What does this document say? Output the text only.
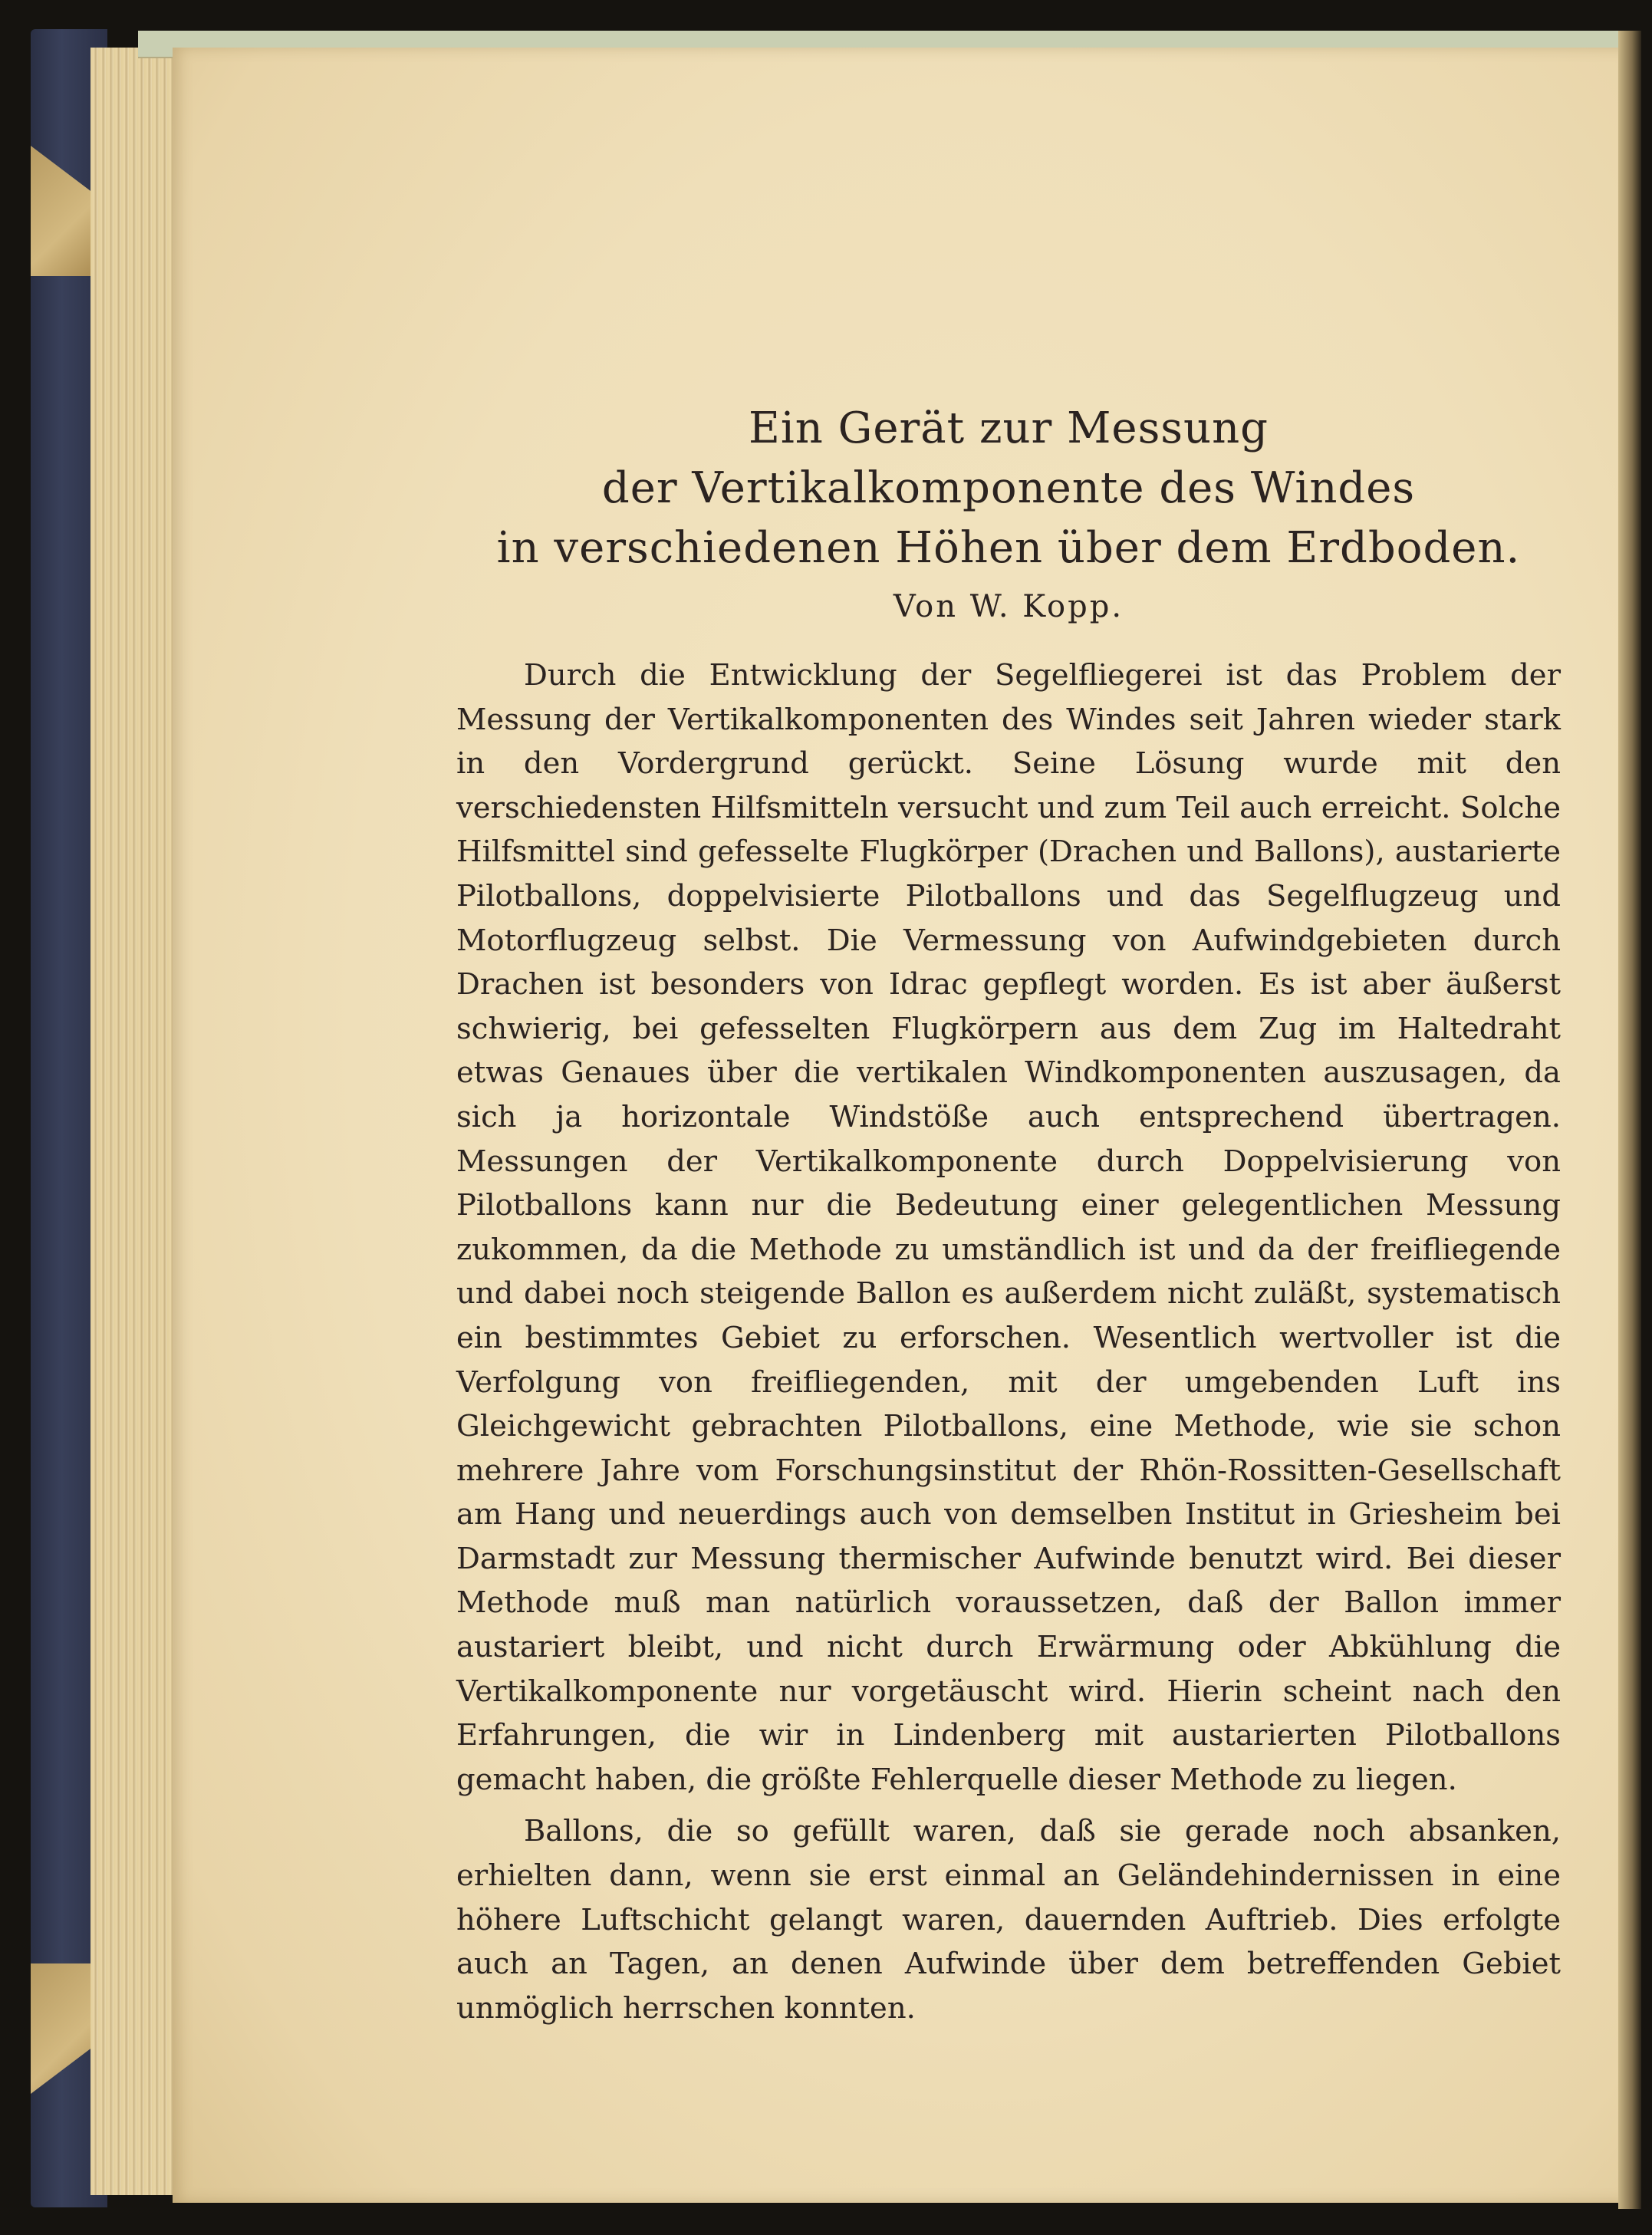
Ein Gerät zur Messung
der Vertikalkomponente des Windes
in verschiedenen Höhen über dem Erdboden.
Von W. Kopp.

Durch die Entwicklung der Segelfliegerei ist das Problem der Messung der Vertikalkomponenten des Windes seit Jahren wieder stark in den Vordergrund gerückt. Seine Lösung wurde mit den verschiedensten Hilfsmitteln versucht und zum Teil auch erreicht. Solche Hilfsmittel sind gefesselte Flugkörper (Drachen und Ballons), austarierte Pilotballons, doppelvisierte Pilotballons und das Segelflugzeug und Motorflugzeug selbst. Die Vermessung von Aufwindgebieten durch Drachen ist besonders von Idrac gepflegt worden. Es ist aber äußerst schwierig, bei gefesselten Flugkörpern aus dem Zug im Haltedraht etwas Genaues über die vertikalen Windkomponenten auszusagen, da sich ja horizontale Windstöße auch entsprechend übertragen. Messungen der Vertikalkomponente durch Doppelvisierung von Pilotballons kann nur die Bedeutung einer gelegentlichen Messung zukommen, da die Methode zu umständlich ist und da der freifliegende und dabei noch steigende Ballon es außerdem nicht zuläßt, systematisch ein bestimmtes Gebiet zu erforschen. Wesentlich wertvoller ist die Verfolgung von freifliegenden, mit der umgebenden Luft ins Gleichgewicht gebrachten Pilotballons, eine Methode, wie sie schon mehrere Jahre vom Forschungsinstitut der Rhön-Rossitten-Gesellschaft am Hang und neuerdings auch von demselben Institut in Griesheim bei Darmstadt zur Messung thermischer Aufwinde benutzt wird. Bei dieser Methode muß man natürlich voraussetzen, daß der Ballon immer austariert bleibt, und nicht durch Erwärmung oder Abkühlung die Vertikalkomponente nur vorgetäuscht wird. Hierin scheint nach den Erfahrungen, die wir in Lindenberg mit austarierten Pilotballons gemacht haben, die größte Fehlerquelle dieser Methode zu liegen.

Ballons, die so gefüllt waren, daß sie gerade noch absanken, erhielten dann, wenn sie erst einmal an Geländehindernissen in eine höhere Luftschicht gelangt waren, dauernden Auftrieb. Dies erfolgte auch an Tagen, an denen Aufwinde über dem betreffenden Gebiet unmöglich herrschen konnten.
